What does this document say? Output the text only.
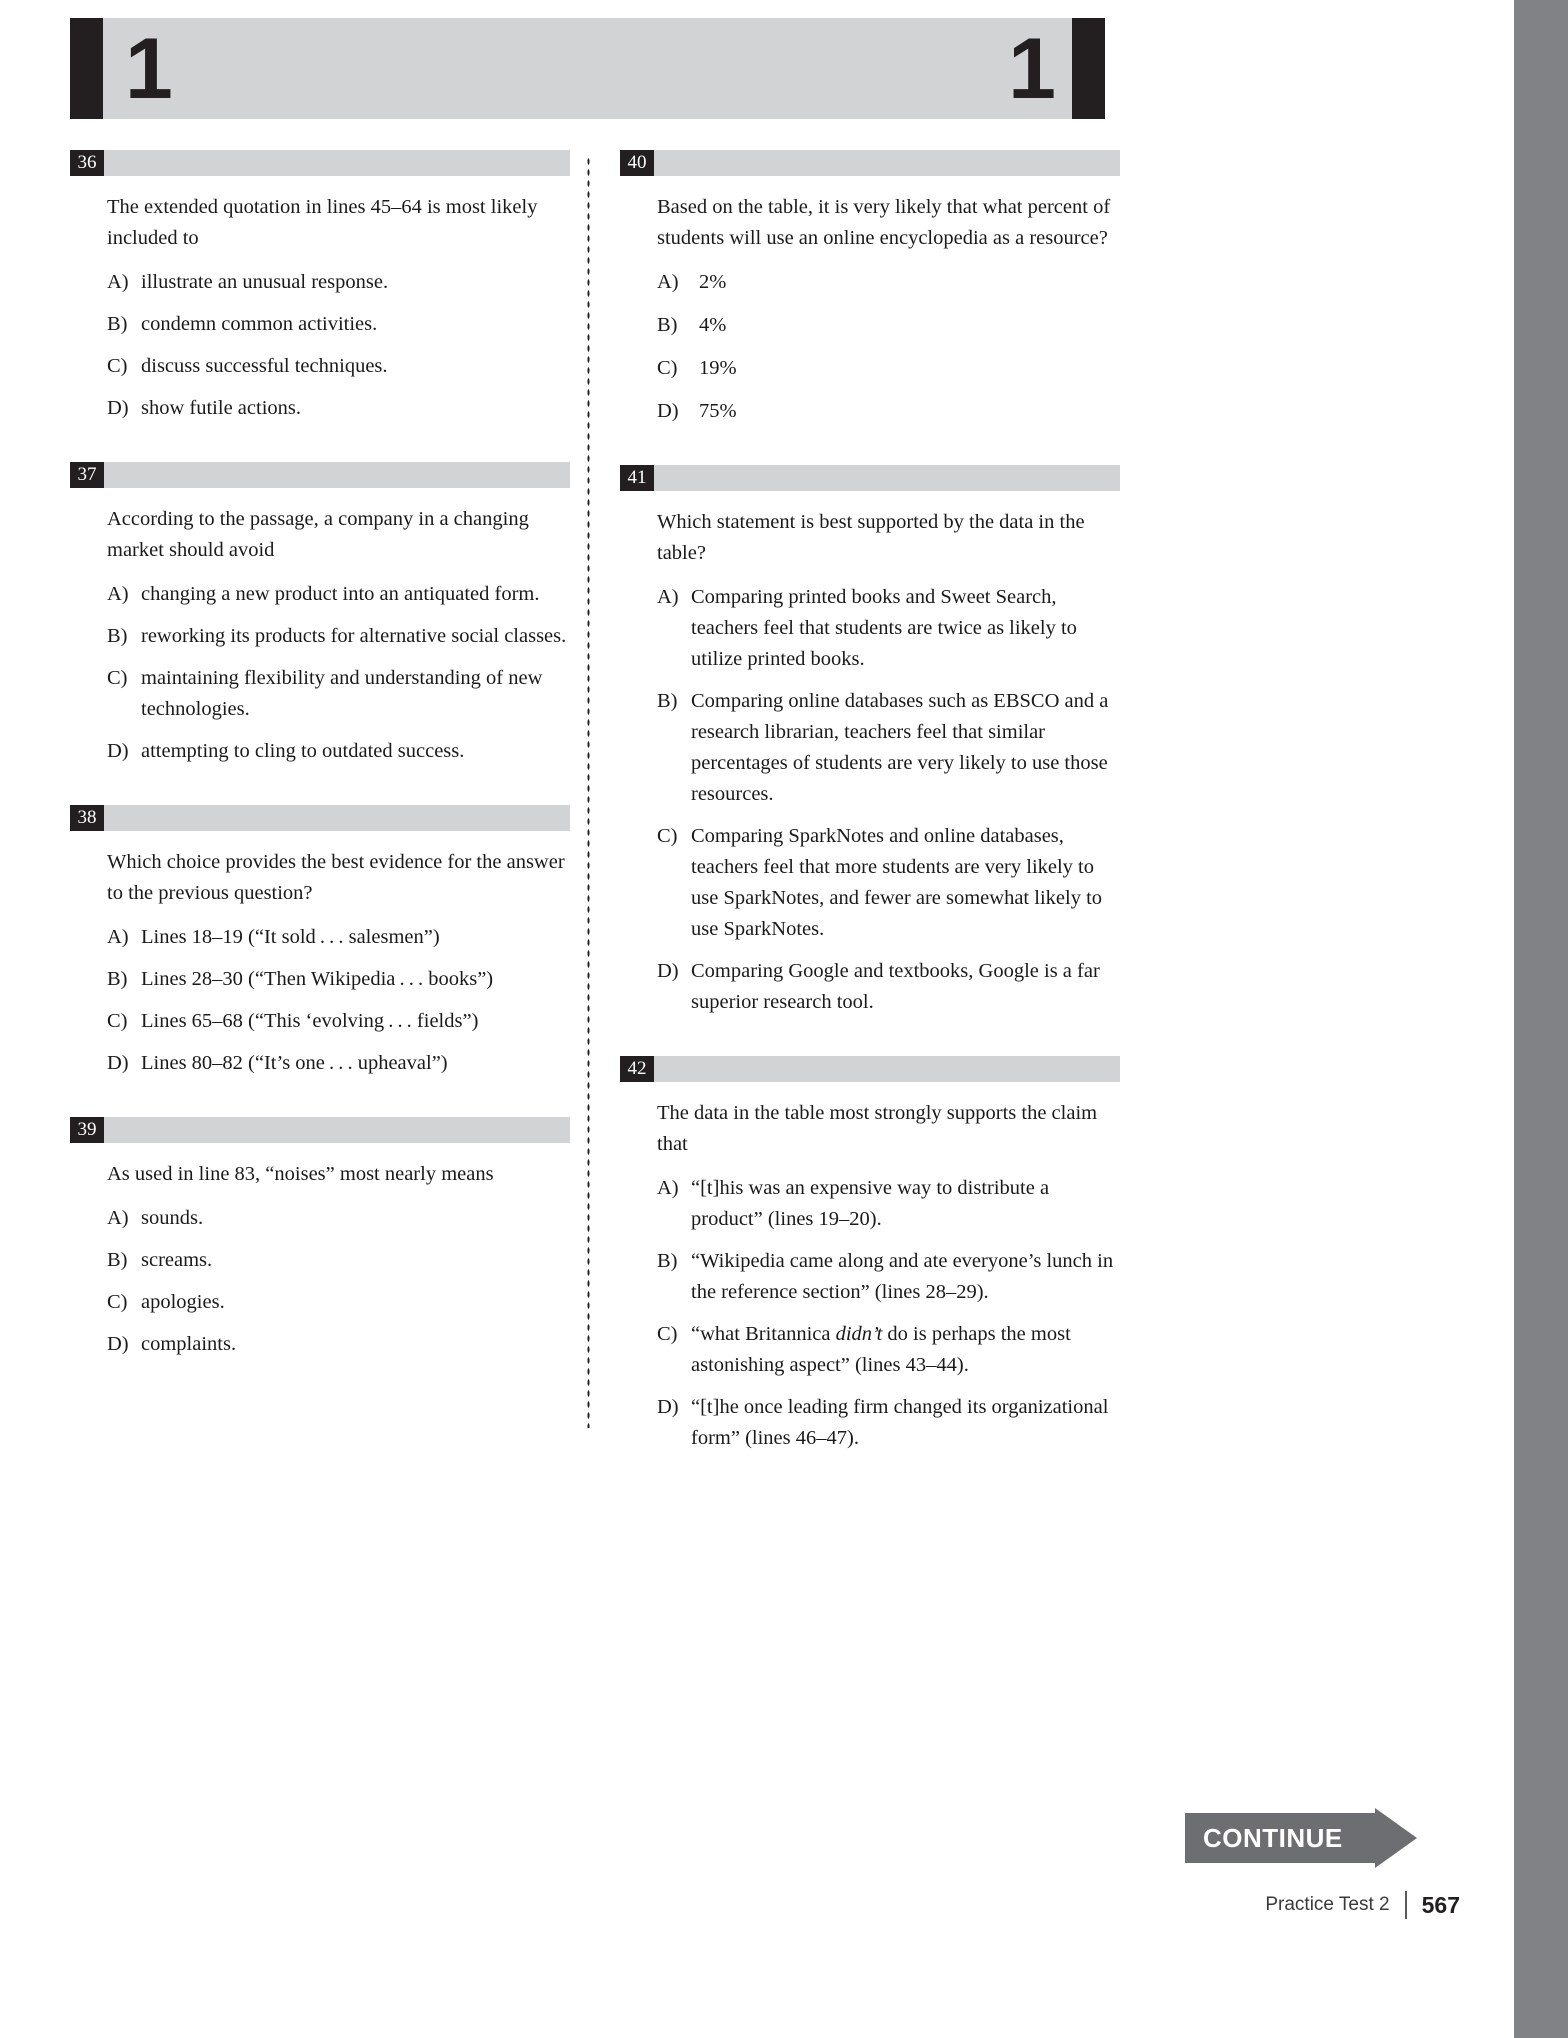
1	1
36
The extended quotation in lines 45–64 is most likely included to
A) illustrate an unusual response.
B) condemn common activities.
C) discuss successful techniques.
D) show futile actions.
37
According to the passage, a company in a changing market should avoid
A) changing a new product into an antiquated form.
B) reworking its products for alternative social classes.
C) maintaining flexibility and understanding of new technologies.
D) attempting to cling to outdated success.
38
Which choice provides the best evidence for the answer to the previous question?
A) Lines 18–19 (“It sold . . . salesmen”)
B) Lines 28–30 (“Then Wikipedia . . . books”)
C) Lines 65–68 (“This ‘evolving . . . fields”)
D) Lines 80–82 (“It’s one . . . upheaval”)
39
As used in line 83, “noises” most nearly means
A) sounds.
B) screams.
C) apologies.
D) complaints.
40
Based on the table, it is very likely that what percent of students will use an online encyclopedia as a resource?
A) 2%
B)	4%
C)	19%
D) 75%
41
Which statement is best supported by the data in the table?
A) Comparing printed books and Sweet Search, teachers feel that students are twice as likely to utilize printed books.
B) Comparing online databases such as EBSCO and a research librarian, teachers feel that similar percentages of students are very likely to use those resources.
C) Comparing SparkNotes and online databases, teachers feel that more students are very likely to use SparkNotes, and fewer are somewhat likely to use SparkNotes.
D) Comparing Google and textbooks, Google is a far superior research tool.
42
The data in the table most strongly supports the claim that
A) “[t]his was an expensive way to distribute a product” (lines 19–20).
B) “Wikipedia came along and ate everyone’s lunch in the reference section” (lines 28–29).
C) “what Britannica didn’t do is perhaps the most astonishing aspect” (lines 43–44).
D) “[t]he once leading firm changed its organizational form” (lines 46–47).
CONTINUE
Practice Test 2 567
